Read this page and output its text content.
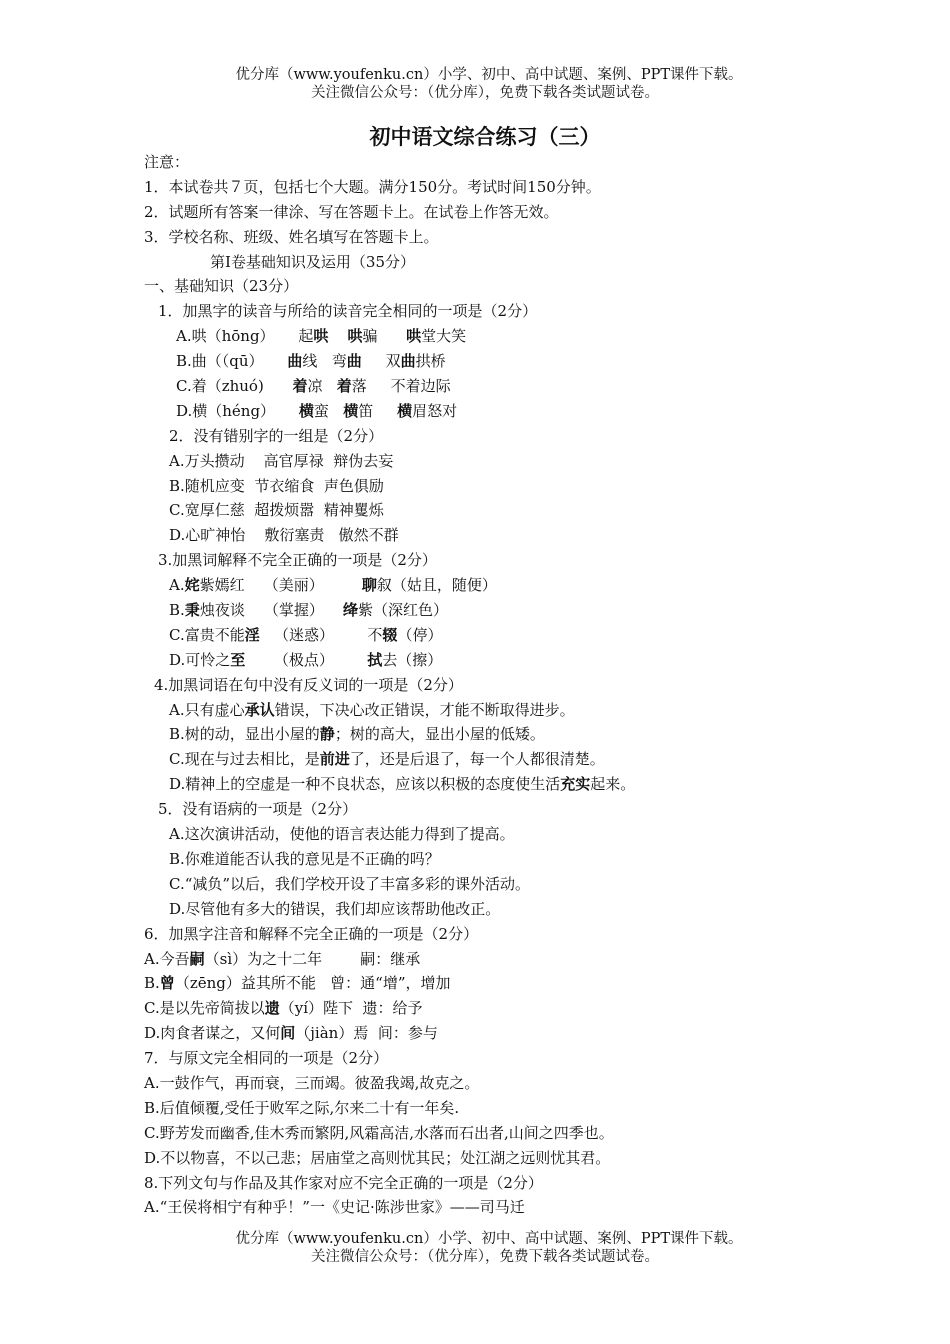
优分库（www.youfenku.cn）小学、初中、高中试题、案例、PPT课件下载。
关注微信公众号：（优分库），免费下载各类试题试卷。
初中语文综合练习（三）
注意：
1．本试卷共７页，包括七个大题。满分150分。考试时间150分钟。
2．试题所有答案一律涂、写在答题卡上。在试卷上作答无效。
3．学校名称、班级、姓名填写在答题卡上。
第Ⅰ卷基础知识及运用（35分）
一、基础知识（23分）
1．加黑字的读音与所给的读音完全相同的一项是（2分）
A.哄（hōng）     起哄 哄骗      哄堂大笑
B.曲（（qū）     曲线   弯曲     双曲拱桥
C.着（zhuó)      着凉   着落     不着边际
D.横（héng）     横蛮   横笛     横眉怒对
2．没有错别字的一组是（2分）
A.万头攒动    高官厚禄  辩伪去妄
B.随机应变  节衣缩食  声色俱励
C.宽厚仁慈  超拨烦嚣  精神矍烁
D.心旷神怡    敷衍塞责   傲然不群
3.加黑词解释不完全正确的一项是（2分）
A.姹紫嫣红    （美丽）        聊叙（姑且，随便）
B.秉烛夜谈    （掌握）    绛紫（深红色）
C.富贵不能淫   （迷惑）       不辍（停）
D.可怜之至      （极点）       拭去（擦）
4.加黑词语在句中没有反义词的一项是（2分）
A.只有虚心承认错误，下决心改正错误，才能不断取得进步。
B.树的动，显出小屋的静；树的高大，显出小屋的低矮。
C.现在与过去相比，是前进了，还是后退了，每一个人都很清楚。
D.精神上的空虚是一种不良状态，应该以积极的态度使生活充实起来。
5．没有语病的一项是（2分）
A.这次演讲活动，使他的语言表达能力得到了提高。
B.你难道能否认我的意见是不正确的吗？
C.“减负”以后，我们学校开设了丰富多彩的课外活动。
D.尽管他有多大的错误，我们却应该帮助他改正。
6．加黑字注音和解释不完全正确的一项是（2分）
A.今吾嗣（sì）为之十二年        嗣：继承
B.曾（zēng）益其所不能   曾：通“增”，增加
C.是以先帝简拔以遗（yí）陛下  遗：给予
D.肉食者谋之，又何间（jiàn）焉  间：参与
7．与原文完全相同的一项是（2分）
A.一鼓作气，再而衰，三而竭。彼盈我竭,故克之。
B.后值倾覆,受任于败军之际,尔来二十有一年矣.
C.野芳发而幽香,佳木秀而繁阴,风霜高洁,水落而石出者,山间之四季也。
D.不以物喜，不以己悲；居庙堂之高则忧其民；处江湖之远则忧其君。
8.下列文句与作品及其作家对应不完全正确的一项是（2分）
A.“王侯将相宁有种乎！”一《史记·陈涉世家》——司马迁
优分库（www.youfenku.cn）小学、初中、高中试题、案例、PPT课件下载。
关注微信公众号：（优分库），免费下载各类试题试卷。
